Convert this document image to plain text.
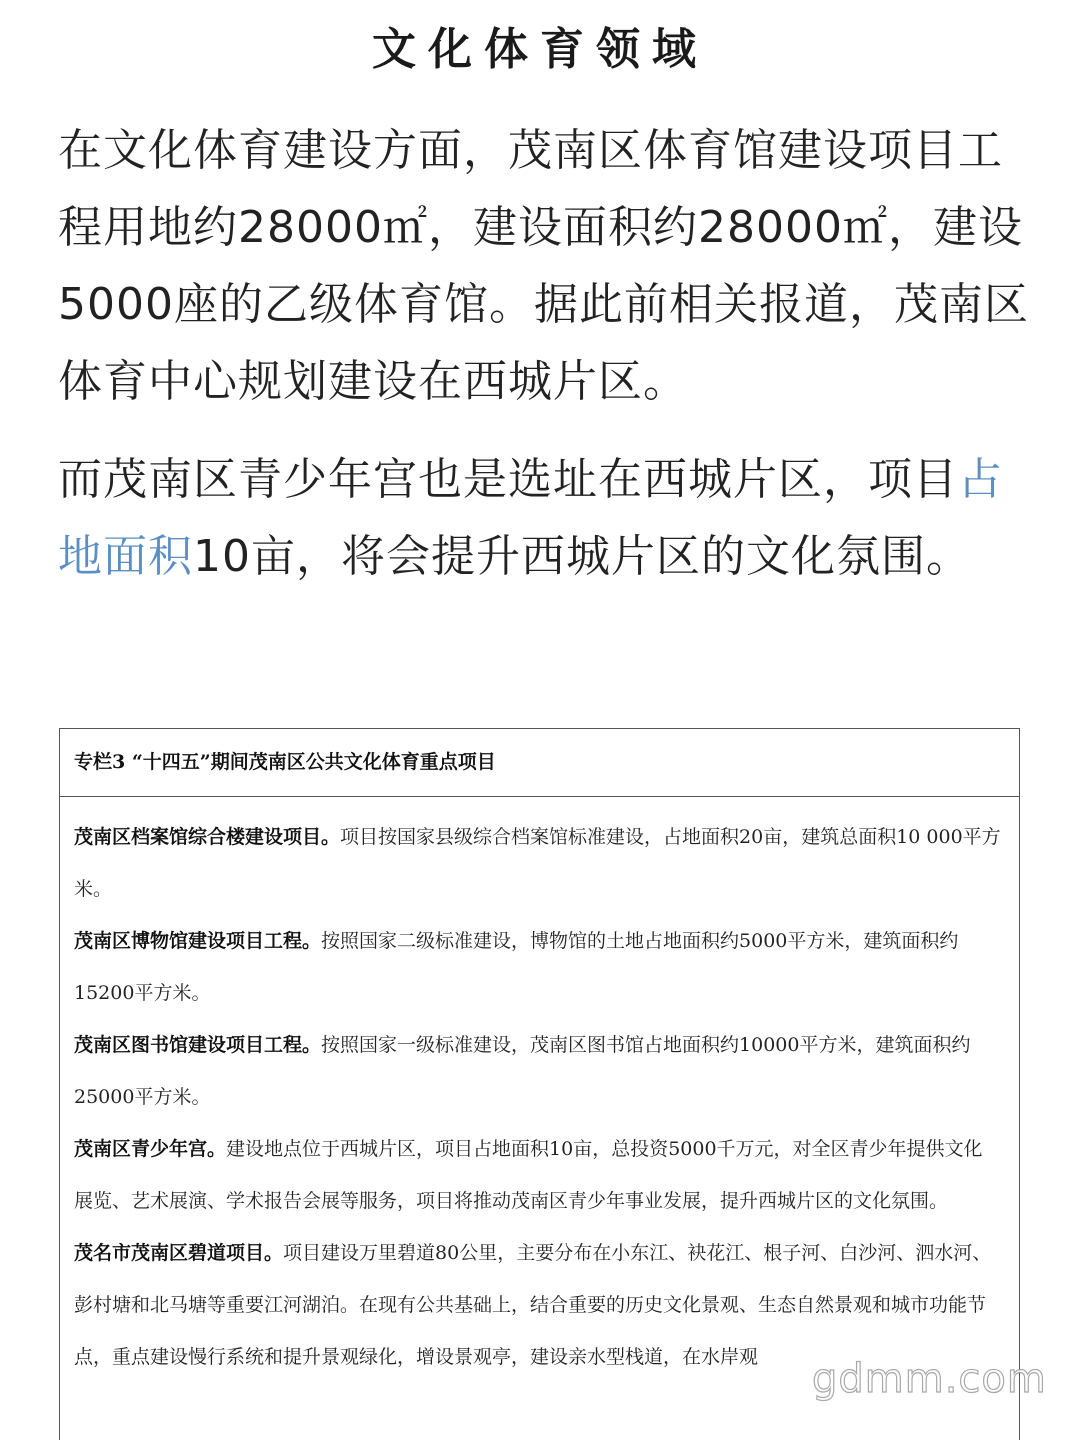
文化体育领域

在文化体育建设方面，茂南区体育馆建设项目工程用地约28000㎡，建设面积约28000㎡，建设5000座的乙级体育馆。据此前相关报道，茂南区体育中心规划建设在西城片区。

而茂南区青少年宫也是选址在西城片区，项目占地面积10亩，将会提升西城片区的文化氛围。

专栏3 “十四五”期间茂南区公共文化体育重点项目

茂南区档案馆综合楼建设项目。项目按国家县级综合档案馆标准建设，占地面积20亩，建筑总面积10 000平方米。

茂南区博物馆建设项目工程。按照国家二级标准建设，博物馆的土地占地面积约5000平方米，建筑面积约15200平方米。

茂南区图书馆建设项目工程。按照国家一级标准建设，茂南区图书馆占地面积约10000平方米，建筑面积约25000平方米。

茂南区青少年宫。建设地点位于西城片区，项目占地面积10亩，总投资5000千万元，对全区青少年提供文化展览、艺术展演、学术报告会展等服务，项目将推动茂南区青少年事业发展，提升西城片区的文化氛围。

茂名市茂南区碧道项目。项目建设万里碧道80公里，主要分布在小东江、袂花江、根子河、白沙河、泗水河、彭村塘和北马塘等重要江河湖泊。在现有公共基础上，结合重要的历史文化景观、生态自然景观和城市功能节点，重点建设慢行系统和提升景观绿化，增设景观亭，建设亲水型栈道，在水岸观	gdmm.com
